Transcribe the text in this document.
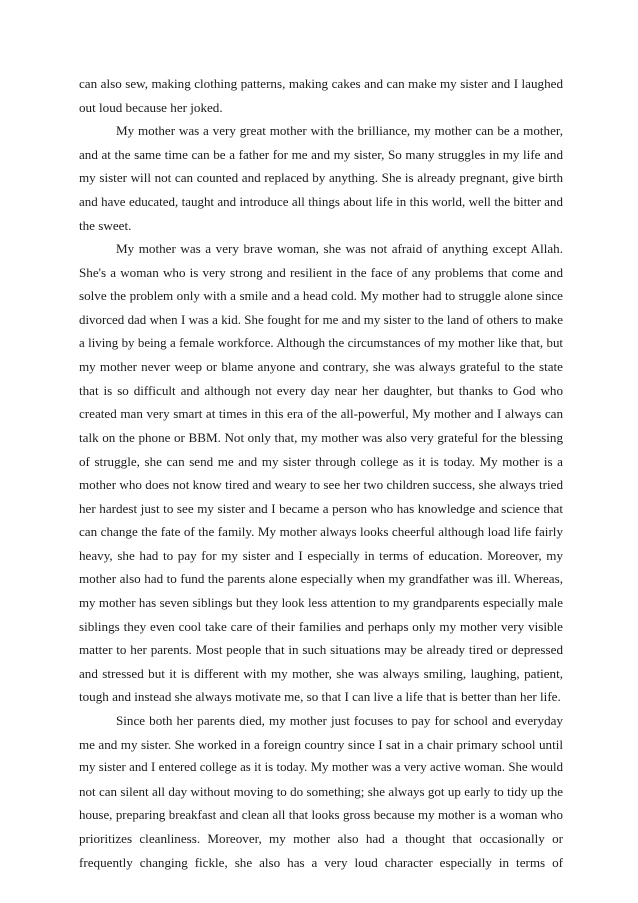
can also sew, making clothing patterns, making cakes and can make my sister and I laughed
out loud because her joked.
My mother was a very great mother with the brilliance, my mother can be a mother,
and at the same time can be a father for me and my sister, So many struggles in my life and
my sister will not can counted and replaced by anything. She is already pregnant, give birth
and have educated, taught and introduce all things about life in this world, well the bitter and
the sweet.
My mother was a very brave woman, she was not afraid of anything except Allah.
She's a woman who is very strong and resilient in the face of any problems that come and
solve the problem only with a smile and a head cold. My mother had to struggle alone since
divorced dad when I was a kid. She fought for me and my sister to the land of others to make
a living by being a female workforce. Although the circumstances of my mother like that, but
my mother never weep or blame anyone and contrary, she was always grateful to the state
that is so difficult and although not every day near her daughter, but thanks to God who
created man very smart at times in this era of the all-powerful, My mother and I always can
talk on the phone or BBM. Not only that, my mother was also very grateful for the blessing
of struggle, she can send me and my sister through college as it is today. My mother is a
mother who does not know tired and weary to see her two children success, she always tried
her hardest just to see my sister and I became a person who has knowledge and science that
can change the fate of the family. My mother always looks cheerful although load life fairly
heavy, she had to pay for my sister and I especially in terms of education. Moreover, my
mother also had to fund the parents alone especially when my grandfather was ill. Whereas,
my mother has seven siblings but they look less attention to my grandparents especially male
siblings they even cool take care of their families and perhaps only my mother very visible
matter to her parents. Most people that in such situations may be already tired or depressed
and stressed but it is different with my mother, she was always smiling, laughing, patient,
tough and instead she always motivate me, so that I can live a life that is better than her life.
Since both her parents died, my mother just focuses to pay for school and everyday
me and my sister. She worked in a foreign country since I sat in a chair primary school until
my sister and I entered college as it is today. My mother was a very active woman. She would
not can silent all day without moving to do something; she always got up early to tidy up the
house, preparing breakfast and clean all that looks gross because my mother is a woman who
prioritizes cleanliness. Moreover, my mother also had a thought that occasionally or
frequently changing fickle, she also has a very loud character especially in terms of
